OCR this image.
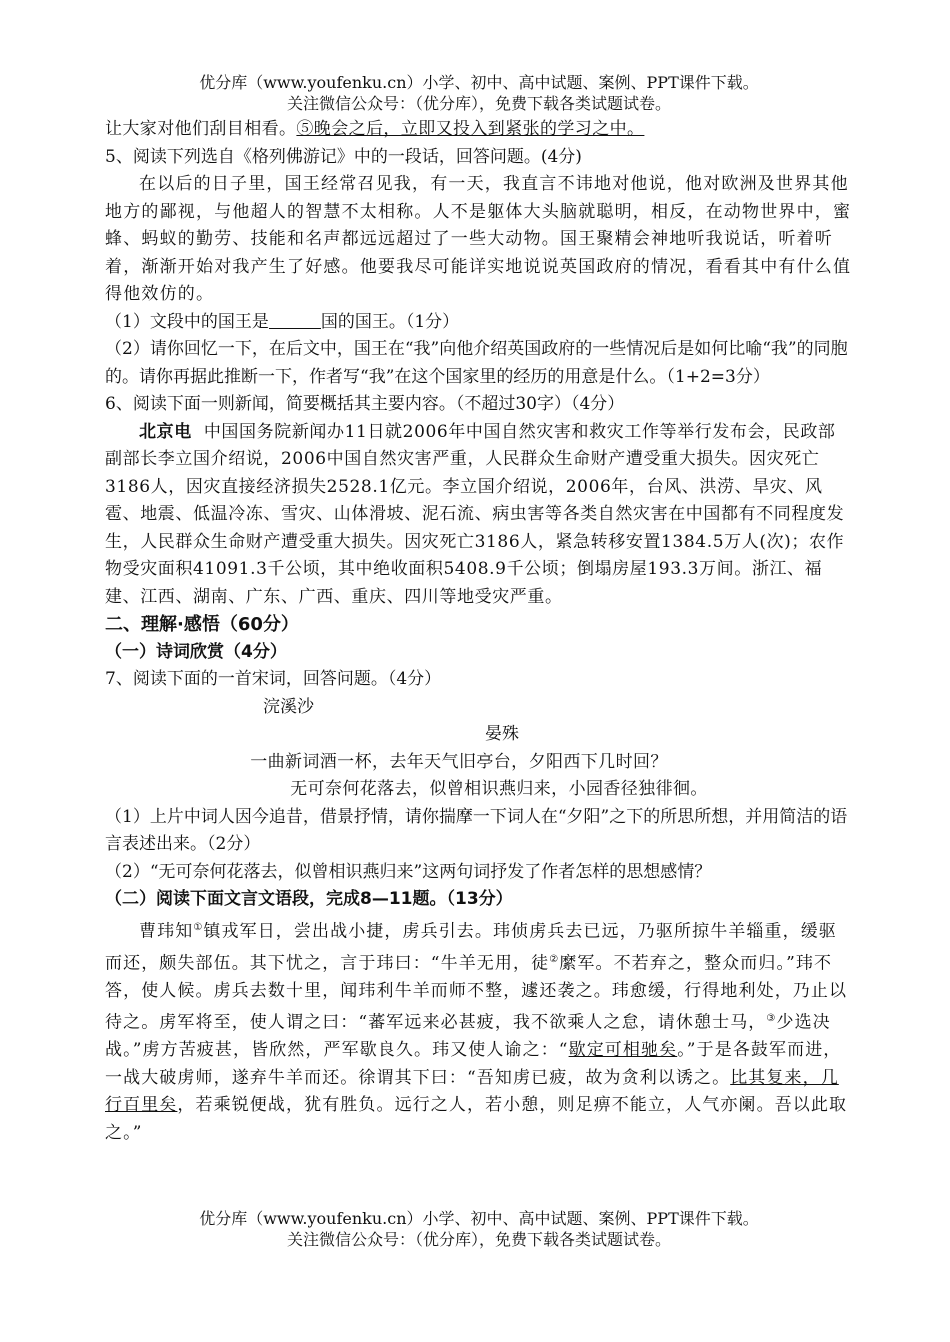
优分库（www.youfenku.cn）小学、初中、高中试题、案例、PPT课件下载。
关注微信公众号：（优分库），免费下载各类试题试卷。
让大家对他们刮目相看。⑤晚会之后，立即又投入到紧张的学习之中。
5、阅读下列选自《格列佛游记》中的一段话，回答问题。(4分)
在以后的日子里，国王经常召见我，有一天，我直言不讳地对他说，他对欧洲及世界其他地方的鄙视，与他超人的智慧不太相称。人不是躯体大头脑就聪明，相反，在动物世界中，蜜蜂、蚂蚁的勤劳、技能和名声都远远超过了一些大动物。国王聚精会神地听我说话，听着听着，渐渐开始对我产生了好感。他要我尽可能详实地说说英国政府的情况，看看其中有什么值得他效仿的。
（1）文段中的国王是	国的国王。（1分）
（2）请你回忆一下，在后文中，国王在“我”向他介绍英国政府的一些情况后是如何比喻“我”的同胞的。请你再据此推断一下，作者写“我”在这个国家里的经历的用意是什么。（1+2=3分）
6、阅读下面一则新闻，简要概括其主要内容。（不超过30字）（4分）
北京电 中国国务院新闻办11日就2006年中国自然灾害和救灾工作等举行发布会，民政部副部长李立国介绍说，2006中国自然灾害严重，人民群众生命财产遭受重大损失。因灾死亡3186人，因灾直接经济损失2528.1亿元。李立国介绍说，2006年，台风、洪涝、旱灾、风雹、地震、低温冷冻、雪灾、山体滑坡、泥石流、病虫害等各类自然灾害在中国都有不同程度发生，人民群众生命财产遭受重大损失。因灾死亡3186人，紧急转移安置1384.5万人(次)；农作物受灾面积41091.3千公顷，其中绝收面积5408.9千公顷；倒塌房屋193.3万间。浙江、福建、江西、湖南、广东、广西、重庆、四川等地受灾严重。
二、理解·感悟（60分）
（一）诗词欣赏（4分）
7、阅读下面的一首宋词，回答问题。（4分）
浣溪沙
晏殊
一曲新词酒一杯，去年天气旧亭台，夕阳西下几时回？
无可奈何花落去，似曾相识燕归来，小园香径独徘徊。
（1）上片中词人因今追昔，借景抒情，请你揣摩一下词人在“夕阳”之下的所思所想，并用简洁的语言表述出来。（2分）
（2）“无可奈何花落去，似曾相识燕归来”这两句词抒发了作者怎样的思想感情？
（二）阅读下面文言文语段，完成8—11题。（13分）
曹玮知①镇戎军日，尝出战小捷，虏兵引去。玮侦虏兵去已远，乃驱所掠牛羊辎重，缓驱而还，颇失部伍。其下忧之，言于玮曰：“牛羊无用，徒②縻军。不若弃之，整众而归。”玮不答，使人候。虏兵去数十里，闻玮利牛羊而师不整，遽还袭之。玮愈缓，行得地利处，乃止以待之。虏军将至，使人谓之曰：“蕃军远来必甚疲，我不欲乘人之怠，请休憩士马，③少选决战。”虏方苦疲甚，皆欣然，严军歇良久。玮又使人谕之：“歇定可相驰矣。”于是各鼓军而进，一战大破虏师，遂弃牛羊而还。徐谓其下曰：“吾知虏已疲，故为贪利以诱之。比其复来，几行百里矣，若乘锐便战，犹有胜负。远行之人，若小憩，则足痹不能立，人气亦阑。吾以此取之。”
优分库（www.youfenku.cn）小学、初中、高中试题、案例、PPT课件下载。
关注微信公众号：（优分库），免费下载各类试题试卷。
